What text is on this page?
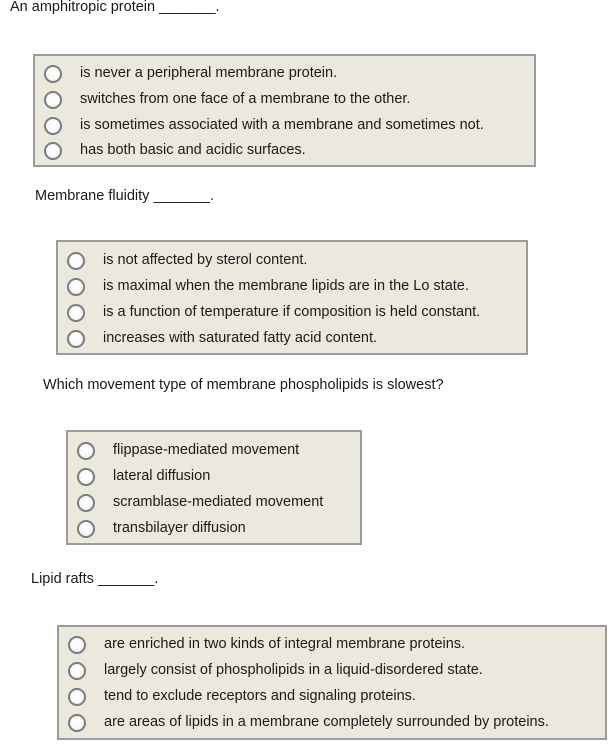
An amphitropic protein _______.
is never a peripheral membrane protein.
switches from one face of a membrane to the other.
is sometimes associated with a membrane and sometimes not.
has both basic and acidic surfaces.
Membrane fluidity _______.
is not affected by sterol content.
is maximal when the membrane lipids are in the Lo state.
is a function of temperature if composition is held constant.
increases with saturated fatty acid content.
Which movement type of membrane phospholipids is slowest?
flippase-mediated movement
lateral diffusion
scramblase-mediated movement
transbilayer diffusion
Lipid rafts _______.
are enriched in two kinds of integral membrane proteins.
largely consist of phospholipids in a liquid-disordered state.
tend to exclude receptors and signaling proteins.
are areas of lipids in a membrane completely surrounded by proteins.
